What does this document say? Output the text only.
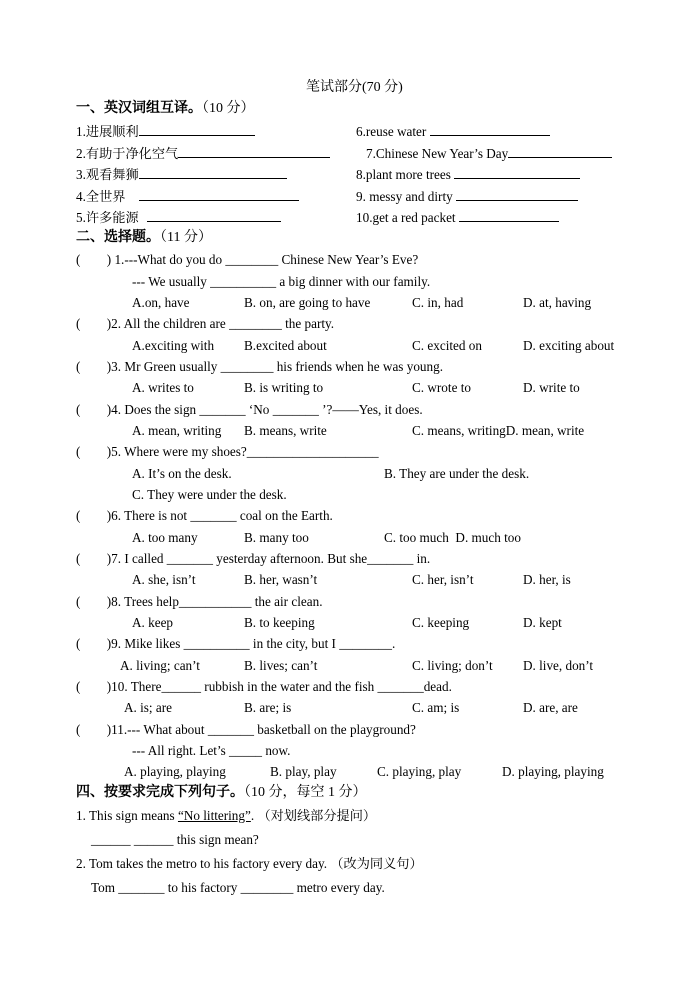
笔试部分(70 分)
一、英汉词组互译。（10 分）
1.进展顺利	6.reuse water
2.有助于净化空气	7.Chinese New Year’s Day
3.观看舞狮	8.plant more trees
4.全世界	9. messy and dirty
5.许多能源	10.get a red packet
二、选择题。（11 分）
(        ) 1.---What do you do ________ Chinese New Year’s Eve?
--- We usually __________ a big dinner with our family.
A.on, have	B. on, are going to have	C. in, had	D. at, having
(        )2. All the children are ________ the party.
A.exciting with B.excited about	C. excited on	D. exciting about
(        )3. Mr Green usually ________ his friends when he was young.
A. writes to	B. is writing to	C. wrote to	D. write to
(        )4. Does the sign _______ ‘No _______ ’?——Yes, it does.
A. mean, writing B. means, write	C. means, writingD. mean, write
(        )5. Where were my shoes?____________________
A. It’s on the desk.	B. They are under the desk.
C. They were under the desk.
(        )6. There is not _______ coal on the Earth.
A. too many	B. many too	C. too much  D. much too
(        )7. I called _______ yesterday afternoon. But she_______ in.
A. she, isn’t	B. her, wasn’t	C. her, isn’t	D. her, is
(        )8. Trees help___________ the air clean.
A. keep	B. to keeping	C. keeping	D. kept
(        )9. Mike likes __________ in the city, but I ________.
A. living; can’t	B. lives; can’t	C. living; don’t D. live, don’t
(        )10. There______ rubbish in the water and the fish _______dead.
A. is; are	B. are; is	C. am; is	D. are, are
(        )11.--- What about _______ basketball on the playground?
--- All right. Let’s _____ now.
A. playing, playing	B. play, play	C. playing, play	D. playing, playing
四、按要求完成下列句子。（10 分，每空 1 分）
1. This sign means “No littering”. （对划线部分提问）
______ ______ this sign mean?
2. Tom takes the metro to his factory every day. （改为同义句）
Tom _______ to his factory ________ metro every day.
